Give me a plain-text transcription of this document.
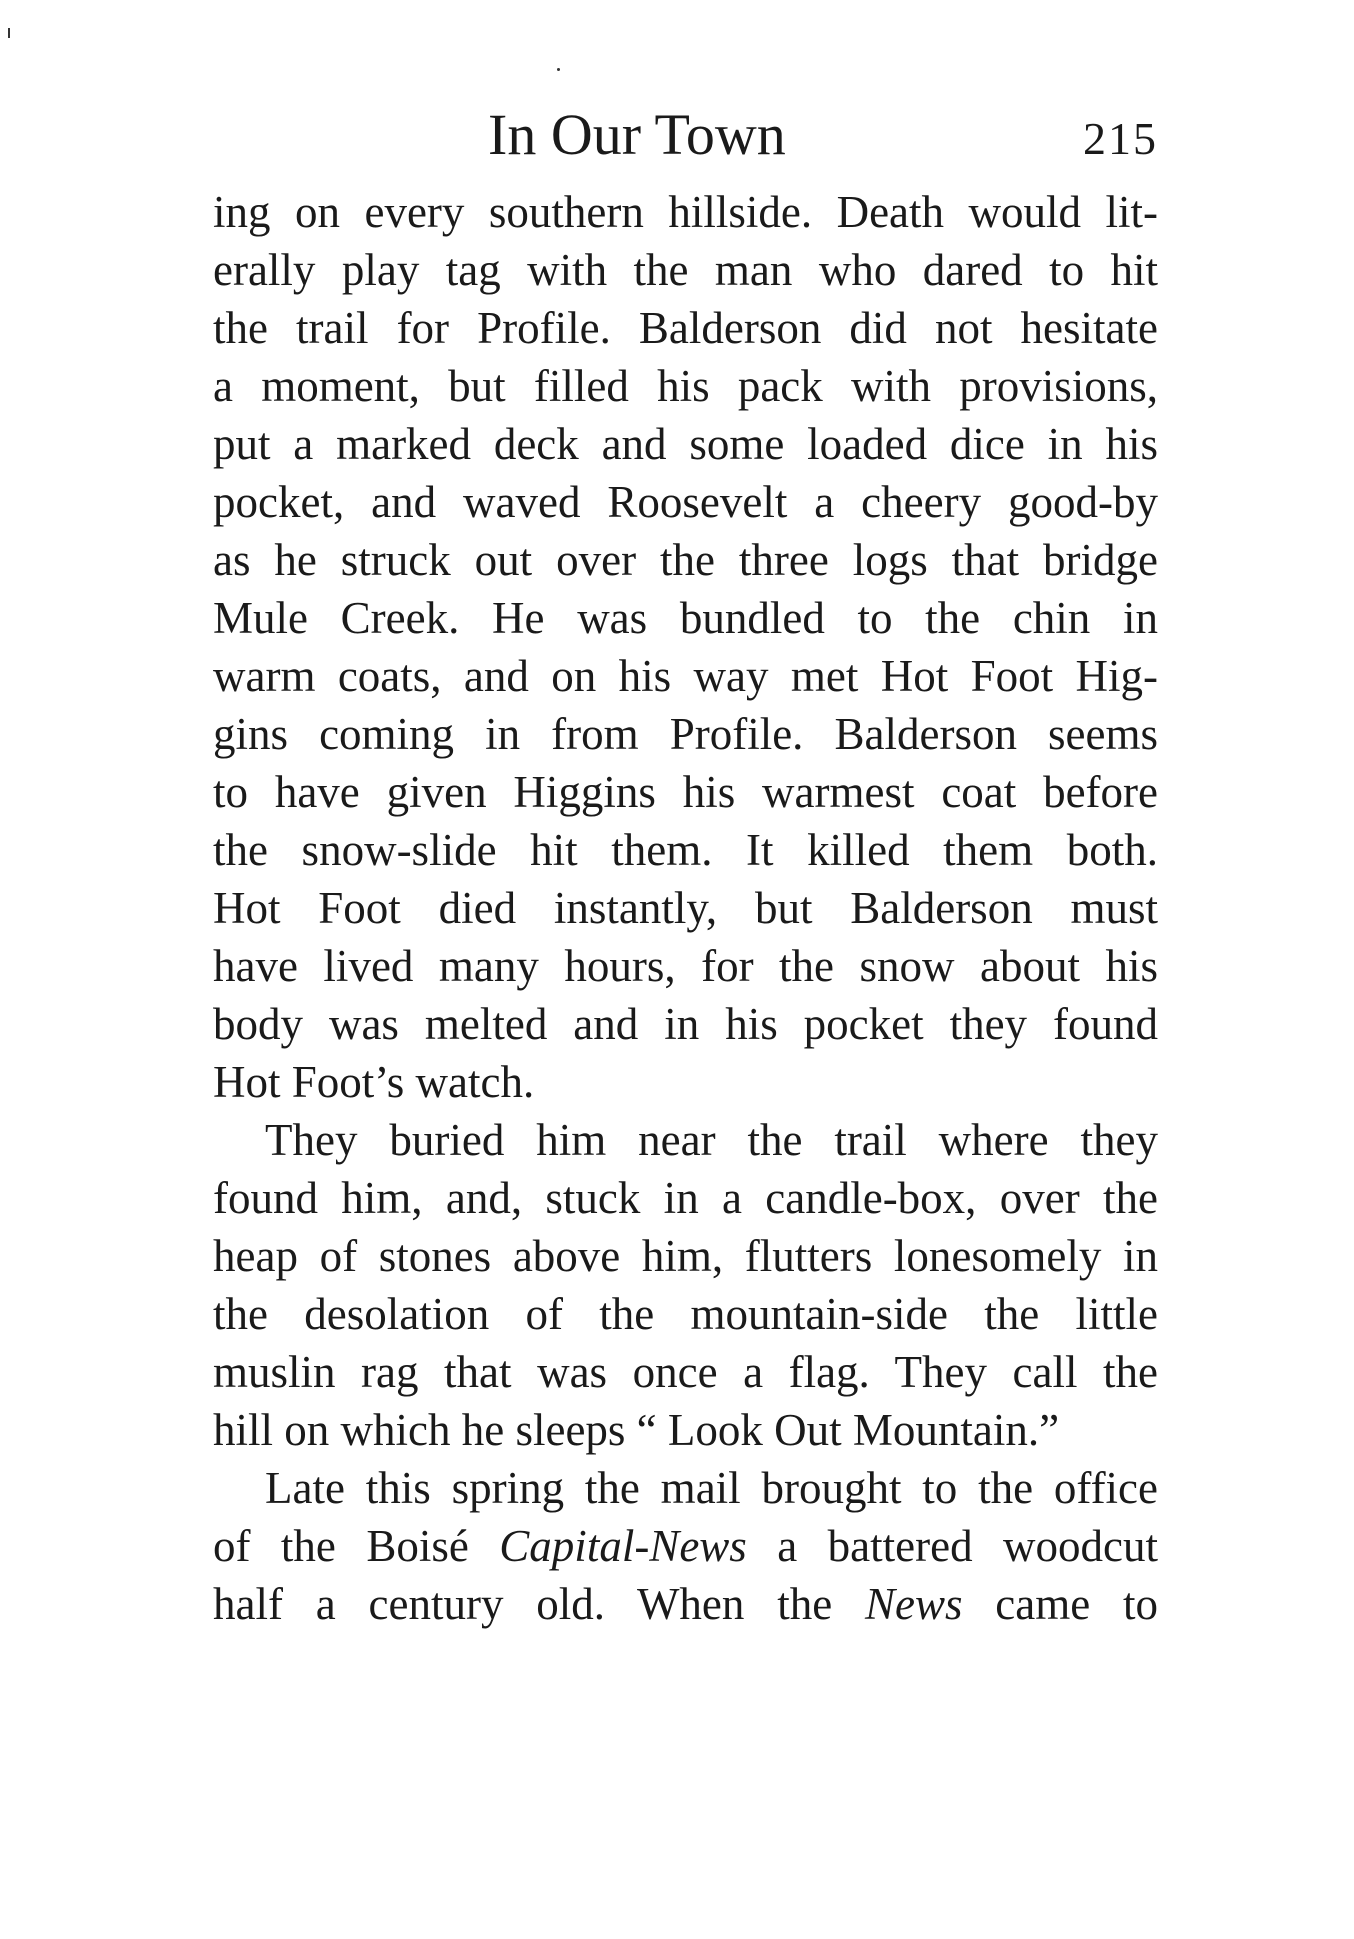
In Our Town	215
ing on every southern hillside. Death would lit-
erally play tag with the man who dared to hit
the trail for Profile. Balderson did not hesitate
a moment, but filled his pack with provisions,
put a marked deck and some loaded dice in his
pocket, and waved Roosevelt a cheery good-by
as he struck out over the three logs that bridge
Mule Creek. He was bundled to the chin in
warm coats, and on his way met Hot Foot Hig-
gins coming in from Profile. Balderson seems
to have given Higgins his warmest coat before
the snow-slide hit them. It killed them both.
Hot Foot died instantly, but Balderson must
have lived many hours, for the snow about his
body was melted and in his pocket they found
Hot Foot’s watch.
They buried him near the trail where they
found him, and, stuck in a candle-box, over the
heap of stones above him, flutters lonesomely in
the desolation of the mountain-side the little
muslin rag that was once a flag. They call the
hill on which he sleeps “ Look Out Mountain.”
Late this spring the mail brought to the office
of the Boisé Capital-News a battered woodcut
half a century old. When the News came to
